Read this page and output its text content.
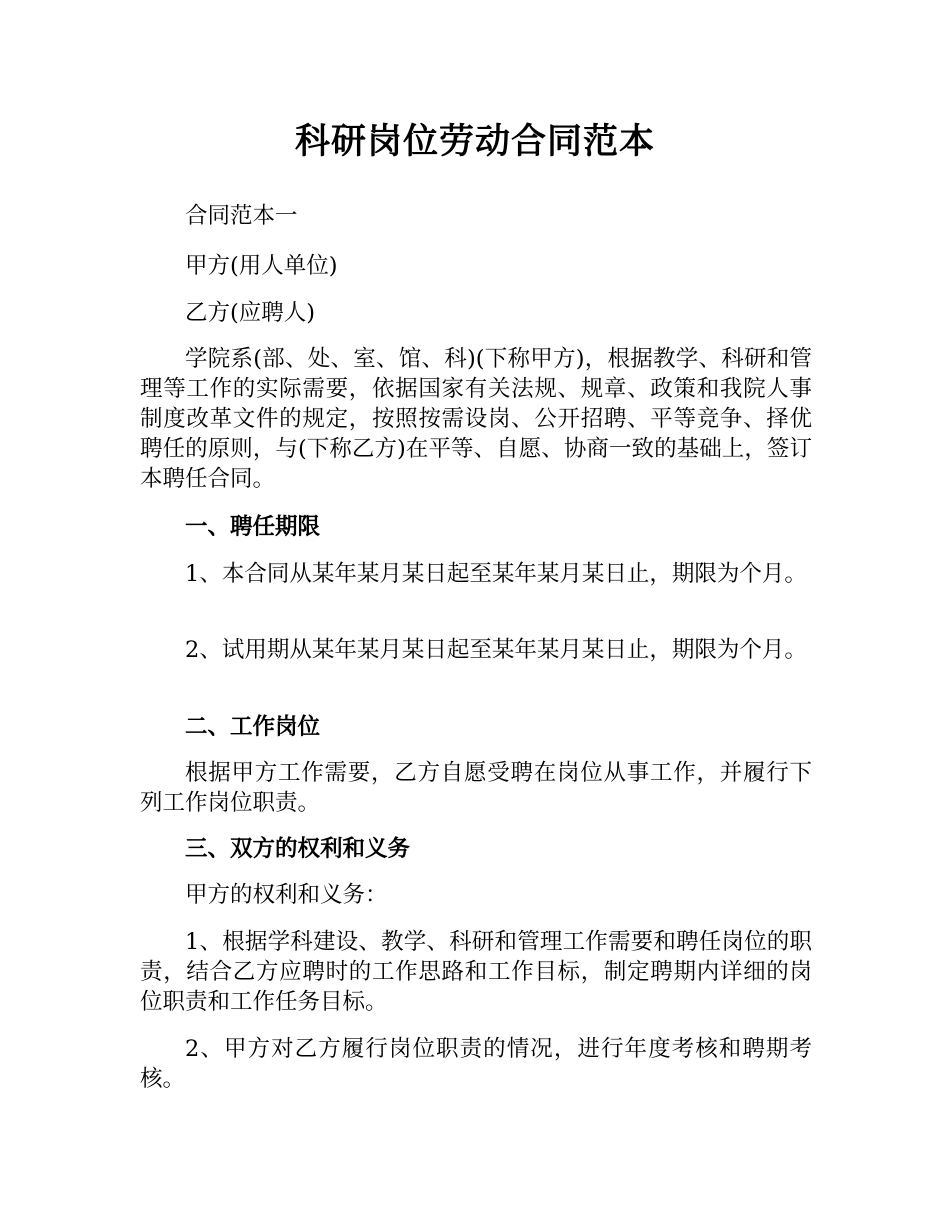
科研岗位劳动合同范本

合同范本一

甲方(用人单位)

乙方(应聘人)

学院系(部、处、室、馆、科)(下称甲方)，根据教学、科研和管理等工作的实际需要，依据国家有关法规、规章、政策和我院人事制度改革文件的规定，按照按需设岗、公开招聘、平等竞争、择优聘任的原则，与(下称乙方)在平等、自愿、协商一致的基础上，签订本聘任合同。

一、聘任期限

1、本合同从某年某月某日起至某年某月某日止，期限为个月。

2、试用期从某年某月某日起至某年某月某日止，期限为个月。

二、工作岗位

根据甲方工作需要，乙方自愿受聘在岗位从事工作，并履行下列工作岗位职责。

三、双方的权利和义务

甲方的权利和义务：

1、根据学科建设、教学、科研和管理工作需要和聘任岗位的职责，结合乙方应聘时的工作思路和工作目标，制定聘期内详细的岗位职责和工作任务目标。

2、甲方对乙方履行岗位职责的情况，进行年度考核和聘期考核。
